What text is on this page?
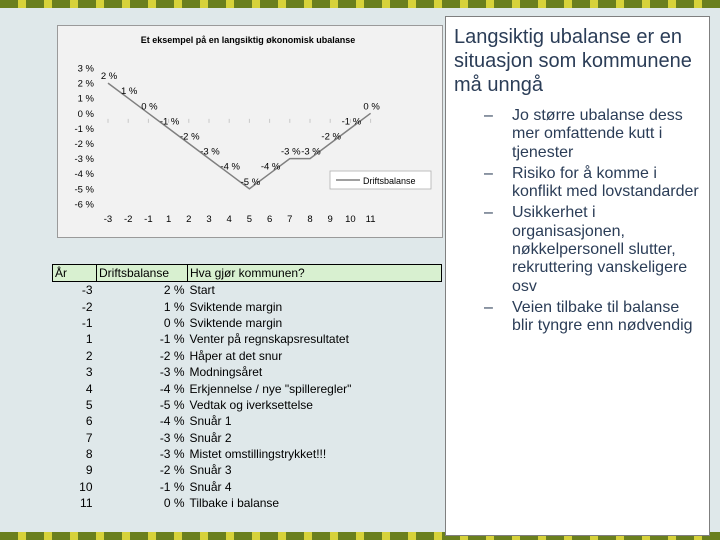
Et eksempel på en langsiktig økonomisk ubalanse
3 %
2 %
1 %
0 %
-1 %
-2 %
-3 %
-4 %
-5 %
-6 %
-3 -2 -1 1 2 3 4 5 6 7 8 9 10 11
2 %
1 %
0 %
-1 %
-2 %
-3 %
-4 %
-5 %
-4 %
-3 % -3 %
-2 %
-1 %
0 %
Driftsbalanse
År	Driftsbalanse	Hva gjør kommunen?
-3	2 %	Start
-2	1 %	Sviktende margin
-1	0 %	Sviktende margin
1	-1 %	Venter på regnskapsresultatet
2	-2 %	Håper at det snur
3	-3 %	Modningsåret
4	-4 %	Erkjennelse / nye "spilleregler"
5	-5 %	Vedtak og iverksettelse
6	-4 %	Snuår 1
7	-3 %	Snuår 2
8	-3 %	Mistet omstillingstrykket!!!
9	-2 %	Snuår 3
10	-1 %	Snuår 4
11	0 %	Tilbake i balanse
Langsiktig ubalanse er en situasjon som kommunene må unngå
– Jo større ubalanse dess mer omfattende kutt i tjenester
– Risiko for å komme i konflikt med lovstandarder
– Usikkerhet i organisasjonen, nøkkelpersonell slutter, rekruttering vanskeligere osv
– Veien tilbake til balanse blir tyngre enn nødvendig
